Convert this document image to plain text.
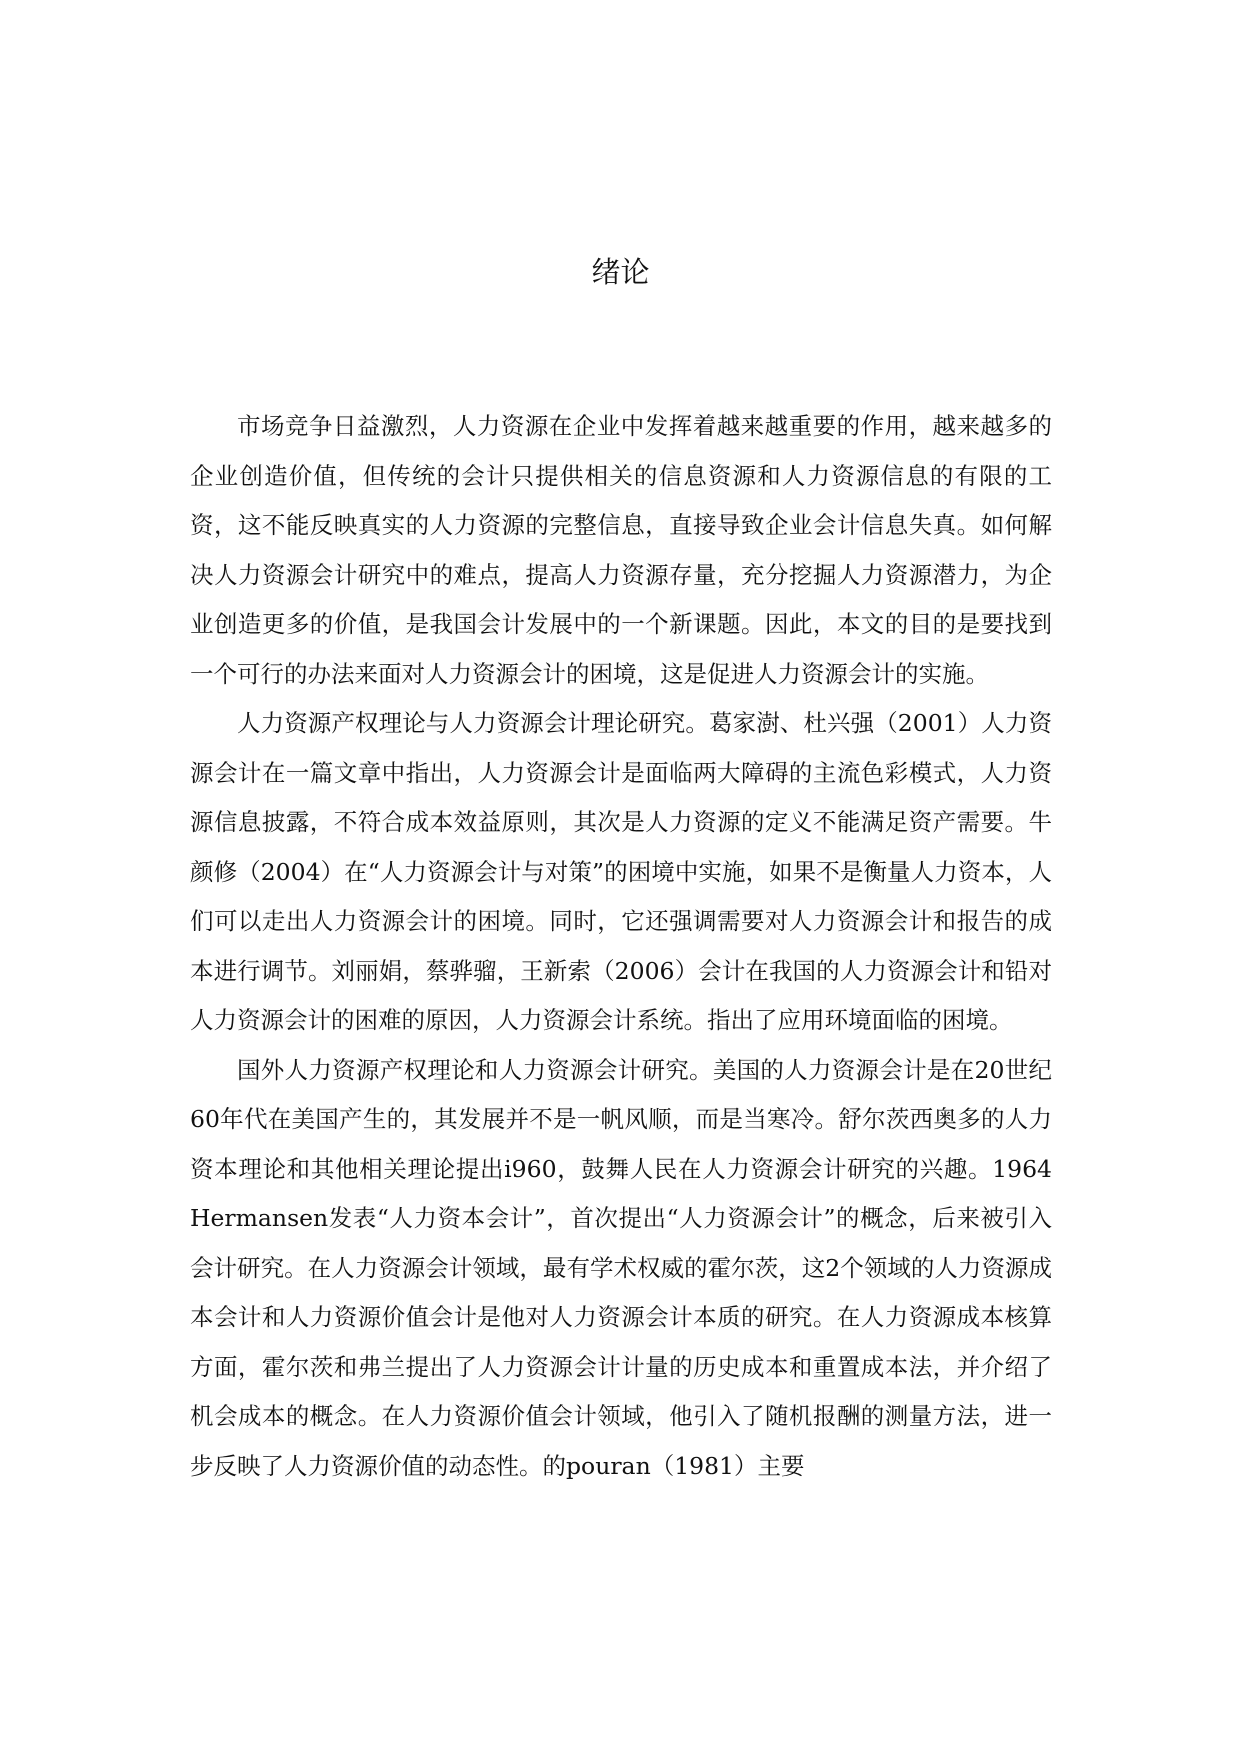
绪论

市场竞争日益激烈，人力资源在企业中发挥着越来越重要的作用，越来越多的企业创造价值，但传统的会计只提供相关的信息资源和人力资源信息的有限的工资，这不能反映真实的人力资源的完整信息，直接导致企业会计信息失真。如何解决人力资源会计研究中的难点，提高人力资源存量，充分挖掘人力资源潜力，为企业创造更多的价值，是我国会计发展中的一个新课题。因此，本文的目的是要找到一个可行的办法来面对人力资源会计的困境，这是促进人力资源会计的实施。

人力资源产权理论与人力资源会计理论研究。葛家澍、杜兴强（2001）人力资源会计在一篇文章中指出，人力资源会计是面临两大障碍的主流色彩模式，人力资源信息披露，不符合成本效益原则，其次是人力资源的定义不能满足资产需要。牛颜修（2004）在“人力资源会计与对策”的困境中实施，如果不是衡量人力资本，人们可以走出人力资源会计的困境。同时，它还强调需要对人力资源会计和报告的成本进行调节。刘丽娟，蔡骅骝，王新索（2006）会计在我国的人力资源会计和铅对人力资源会计的困难的原因，人力资源会计系统。指出了应用环境面临的困境。

国外人力资源产权理论和人力资源会计研究。美国的人力资源会计是在20世纪60年代在美国产生的，其发展并不是一帆风顺，而是当寒冷。舒尔茨西奥多的人力资本理论和其他相关理论提出i960，鼓舞人民在人力资源会计研究的兴趣。1964 Hermansen发表“人力资本会计”，首次提出“人力资源会计”的概念，后来被引入会计研究。在人力资源会计领域，最有学术权威的霍尔茨，这2个领域的人力资源成本会计和人力资源价值会计是他对人力资源会计本质的研究。在人力资源成本核算方面，霍尔茨和弗兰提出了人力资源会计计量的历史成本和重置成本法，并介绍了机会成本的概念。在人力资源价值会计领域，他引入了随机报酬的测量方法，进一步反映了人力资源价值的动态性。的pouran（1981）主要
